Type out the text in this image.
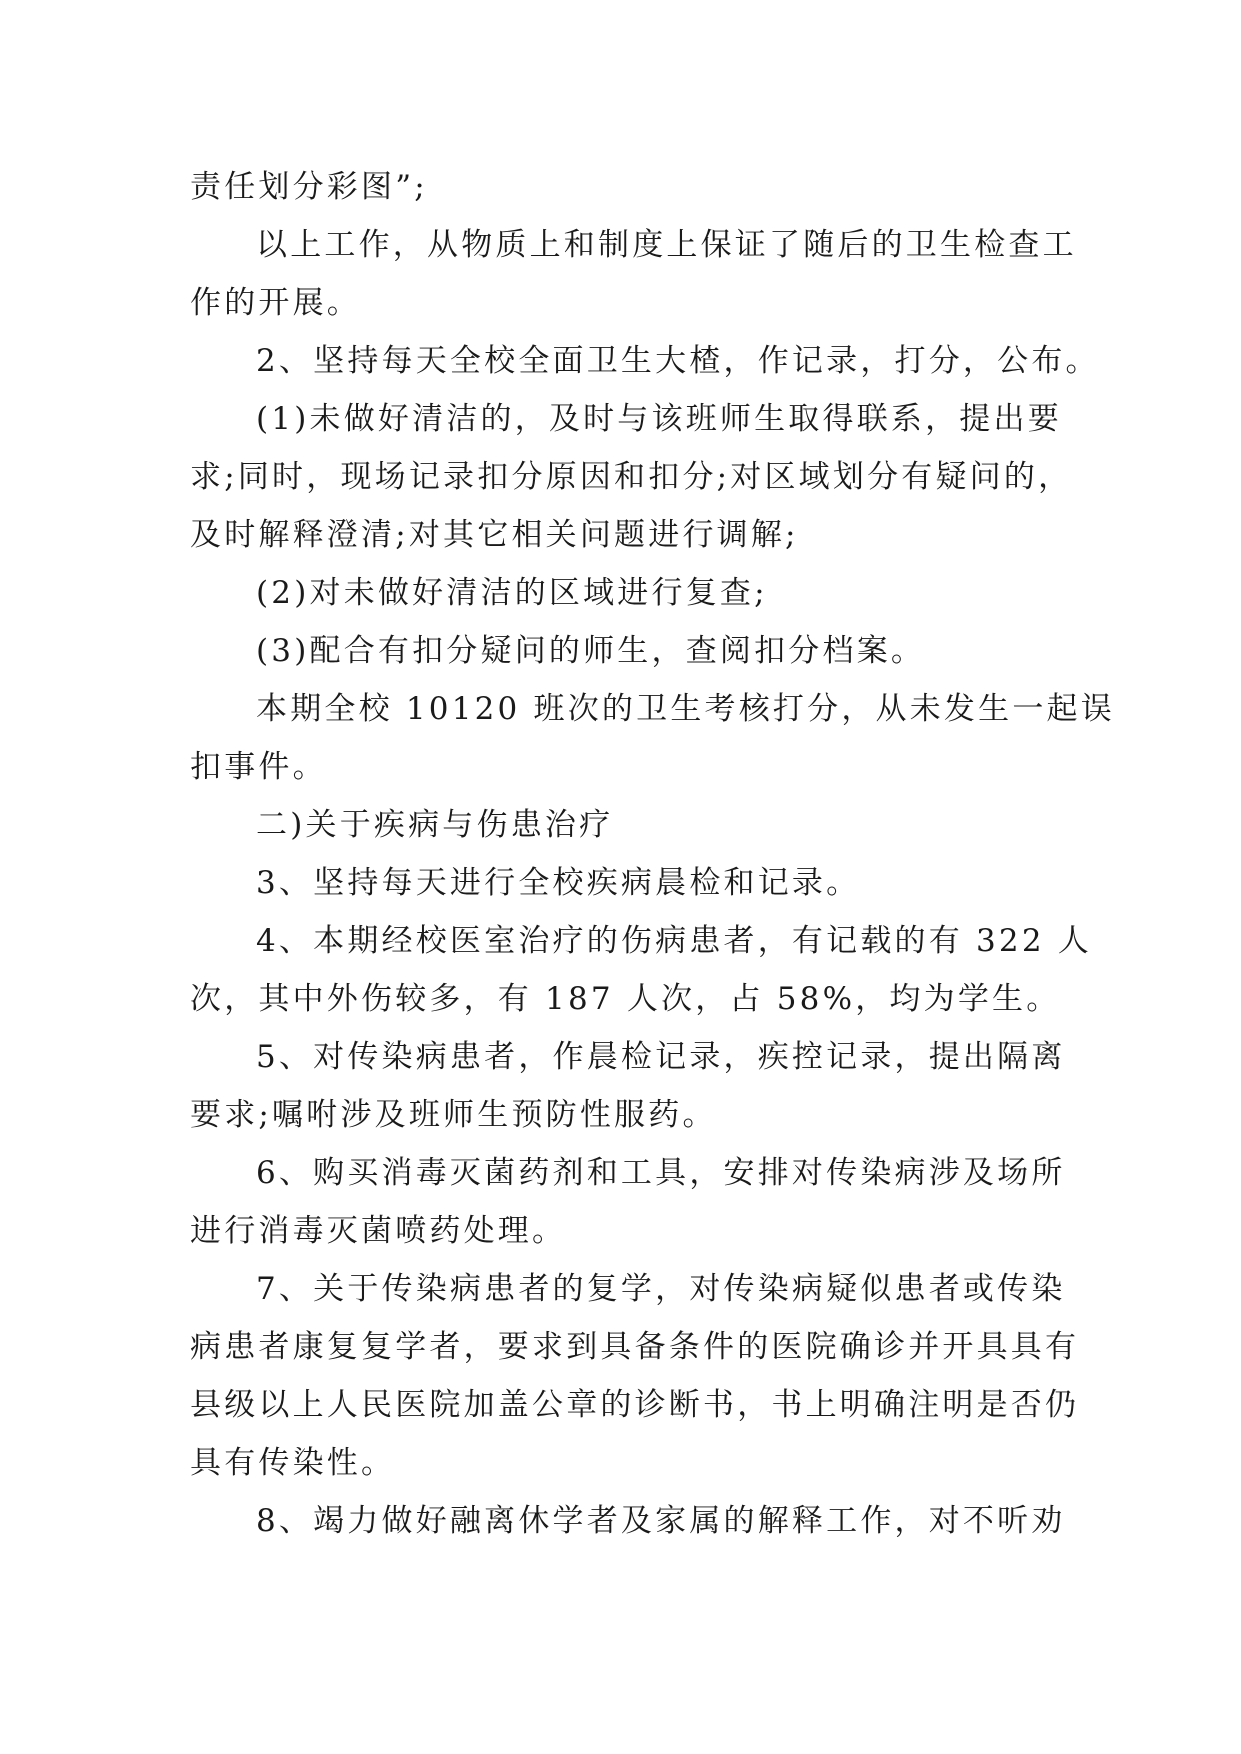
责任划分彩图”;
以上工作，从物质上和制度上保证了随后的卫生检查工
作的开展。
2、坚持每天全校全面卫生大楂，作记录，打分，公布。
(1)未做好清洁的，及时与该班师生取得联系，提出要
求;同时，现场记录扣分原因和扣分;对区域划分有疑问的，
及时解释澄清;对其它相关问题进行调解;
(2)对未做好清洁的区域进行复查;
(3)配合有扣分疑问的师生，查阅扣分档案。
本期全校 10120 班次的卫生考核打分，从未发生一起误
扣事件。
二)关于疾病与伤患治疗
3、坚持每天进行全校疾病晨检和记录。
4、本期经校医室治疗的伤病患者，有记载的有 322 人
次，其中外伤较多，有 187 人次，占 58%，均为学生。
5、对传染病患者，作晨检记录，疾控记录，提出隔离
要求;嘱咐涉及班师生预防性服药。
6、购买消毒灭菌药剂和工具，安排对传染病涉及场所
进行消毒灭菌喷药处理。
7、关于传染病患者的复学，对传染病疑似患者或传染
病患者康复复学者，要求到具备条件的医院确诊并开具具有
县级以上人民医院加盖公章的诊断书，书上明确注明是否仍
具有传染性。
8、竭力做好融离休学者及家属的解释工作，对不听劝
